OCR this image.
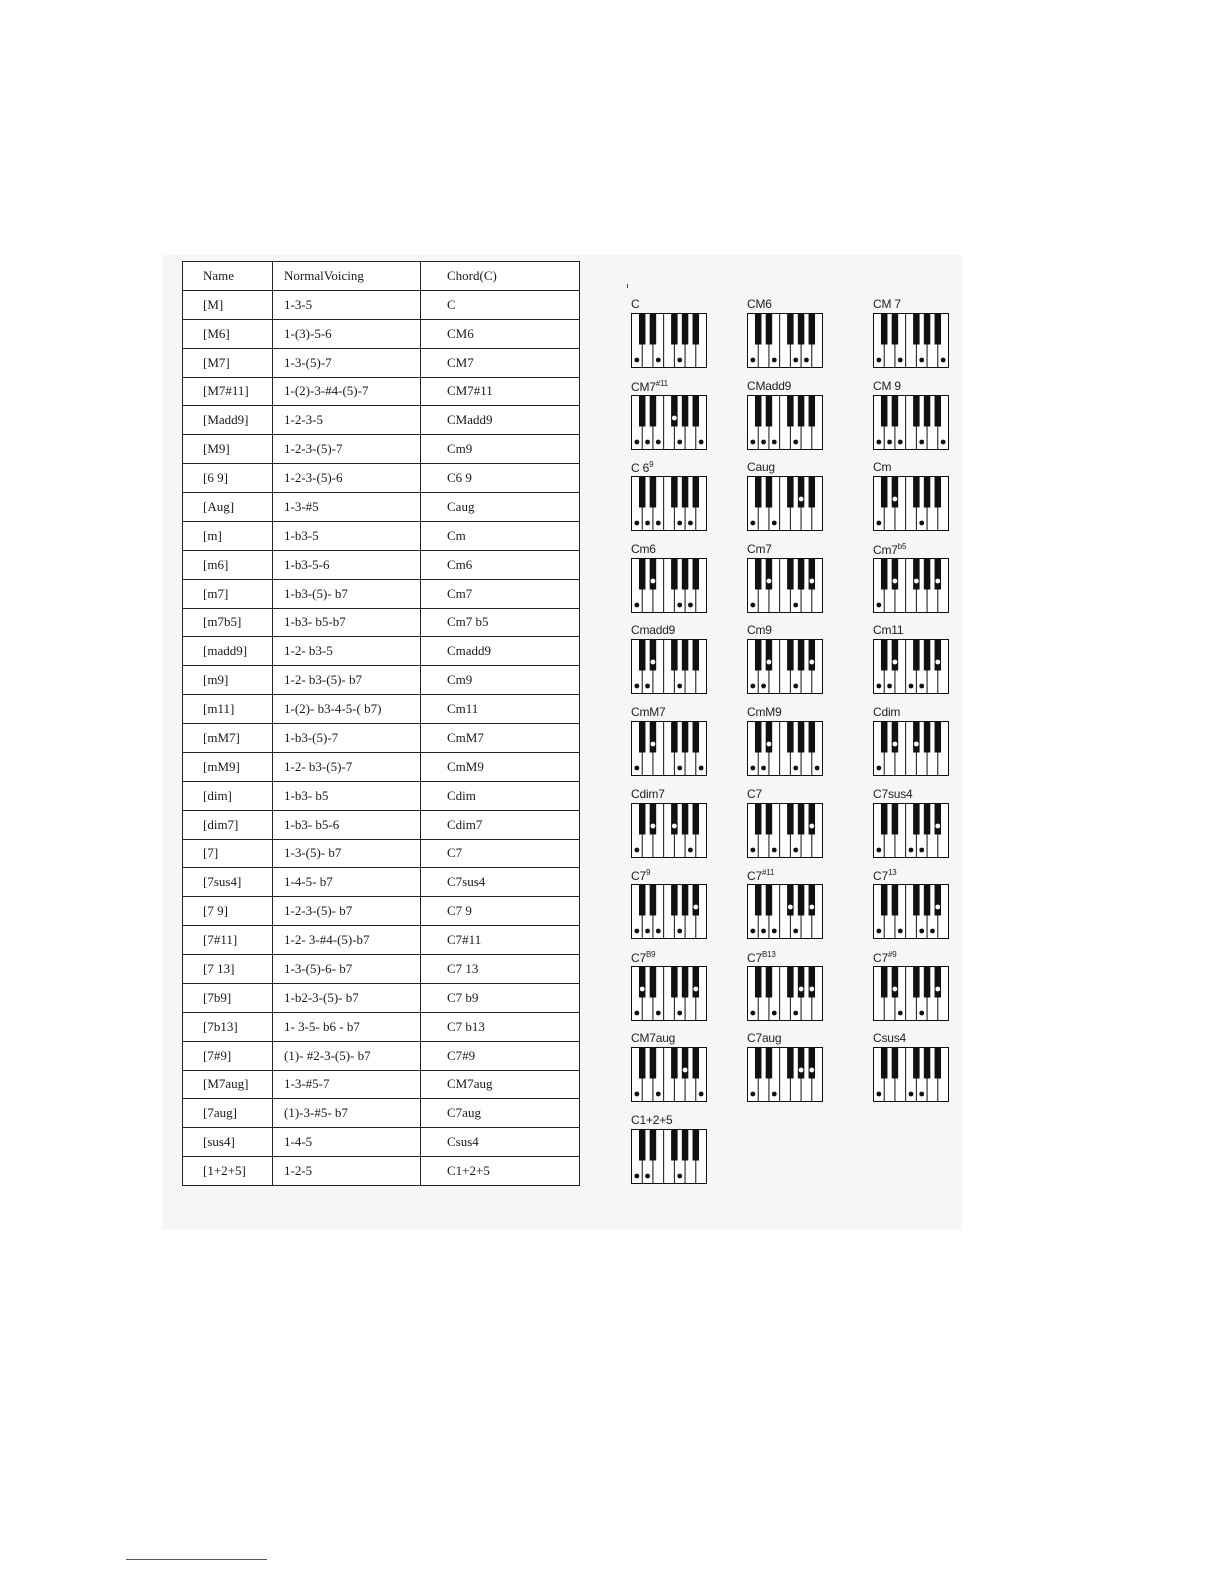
Name	NormalVoicing	Chord(C)
[M]	1-3-5	C
[M6]	1-(3)-5-6	CM6
[M7]	1-3-(5)-7	CM7
[M7#11]	1-(2)-3-#4-(5)-7	CM7#11
[Madd9]	1-2-3-5	CMadd9
[M9]	1-2-3-(5)-7	Cm9
[6 9]	1-2-3-(5)-6	C6 9
[Aug]	1-3-#5	Caug
[m]	1-b3-5	Cm
[m6]	1-b3-5-6	Cm6
[m7]	1-b3-(5)- b7	Cm7
[m7b5]	1-b3- b5-b7	Cm7 b5
[madd9]	1-2- b3-5	Cmadd9
[m9]	1-2- b3-(5)- b7	Cm9
[m11]	1-(2)- b3-4-5-( b7)	Cm11
[mM7]	1-b3-(5)-7	CmM7
[mM9]	1-2- b3-(5)-7	CmM9
[dim]	1-b3- b5	Cdim
[dim7]	1-b3- b5-6	Cdim7
[7]	1-3-(5)- b7	C7
[7sus4]	1-4-5- b7	C7sus4
[7 9]	1-2-3-(5)- b7	C7 9
[7#11]	1-2- 3-#4-(5)-b7	C7#11
[7 13]	1-3-(5)-6- b7	C7 13
[7b9]	1-b2-3-(5)- b7	C7 b9
[7b13]	1- 3-5- b6 - b7	C7 b13
[7#9]	(1)- #2-3-(5)- b7	C7#9
[M7aug]	1-3-#5-7	CM7aug
[7aug]	(1)-3-#5- b7	C7aug
[sus4]	1-4-5	Csus4
[1+2+5]	1-2-5	C1+2+5
C	CM6	CM 7
CM7$^{\#11}$	CMadd9	CM 9
C $6^9$	Caug	Cm
Cm6	Cm7	$Cm7^{b5}$
Cmadd9	Cm9	Cm11
CmM7	CmM9	Cdim
Cdim7	C7	C7sus4
$C7^9$	C7$^{\#11}$	$C7^{13}$
$C7^{B9}$	$C7^{B13}$	C7$^{\#9}$
CM7aug	C7aug	Csus4
C1+2+5
